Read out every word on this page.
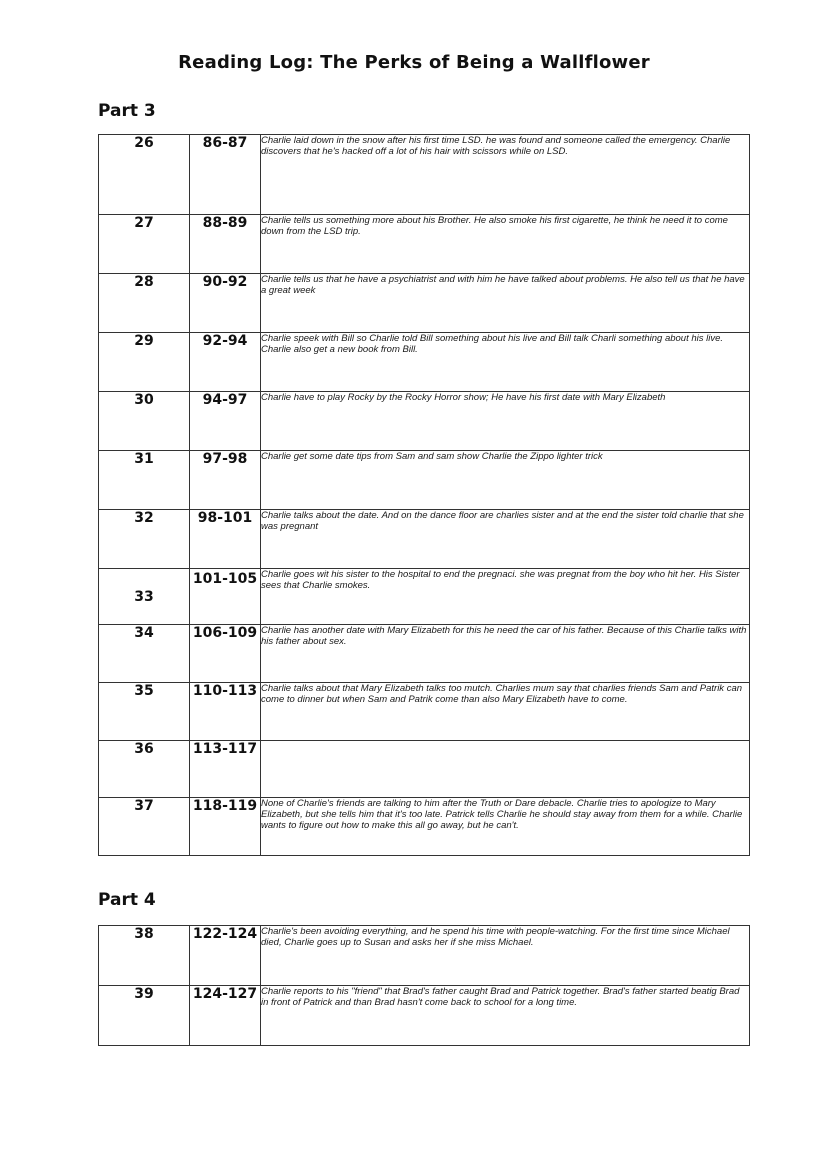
Reading Log: The Perks of Being a Wallflower
Part 3
26	86-87	Charlie laid down in the snow after his first time LSD. he was found and someone called the emergency. Charlie discovers that he's hacked off a lot of his hair with scissors while on LSD.
27	88-89	Charlie tells us something more about his Brother. He also smoke his first cigarette, he think he need it to come down from the LSD trip.
28	90-92	Charlie tells us that he have a psychiatrist and with him he have talked about problems. He also tell us that he have a great week
29	92-94	Charlie speek with Bill so Charlie told Bill something about his live and Bill talk Charli something about his live. Charlie also get a new book from Bill.
30	94-97	Charlie have to play Rocky by the Rocky Horror show; He have his first date with Mary Elizabeth
31	97-98	Charlie get some date tips from Sam and sam show Charlie the Zippo lighter trick
32	98-101	Charlie talks about the date. And on the dance floor are charlies sister and at the end the sister told charlie that she was pregnant
33	101-105	Charlie goes wit his sister to the hospital to end the pregnaci. she was pregnat from the boy who hit her. His Sister sees that Charlie smokes.
34	106-109	Charlie has another date with Mary Elizabeth for this he need the car of his father. Because of this Charlie talks with his father about sex.
35	110-113	Charlie talks about that Mary Elizabeth talks too mutch. Charlies mum say that charlies friends Sam and Patrik can come to dinner but when Sam and Patrik come than also Mary Elizabeth have to come.
36	113-117	
37	118-119	None of Charlie's friends are talking to him after the Truth or Dare debacle. Charlie tries to apologize to Mary Elizabeth, but she tells him that it's too late. Patrick tells Charlie he should stay away from them for a while. Charlie wants to figure out how to make this all go away, but he can't.
Part 4
38	122-124	Charlie's been avoiding everything, and he spend his time with people-watching. For the first time since Michael died, Charlie goes up to Susan and asks her if she miss Michael.
39	124-127	Charlie reports to his "friend" that Brad's father caught Brad and Patrick together. Brad's father started beatig Brad in front of Patrick and than Brad hasn't come back to school for a long time.
